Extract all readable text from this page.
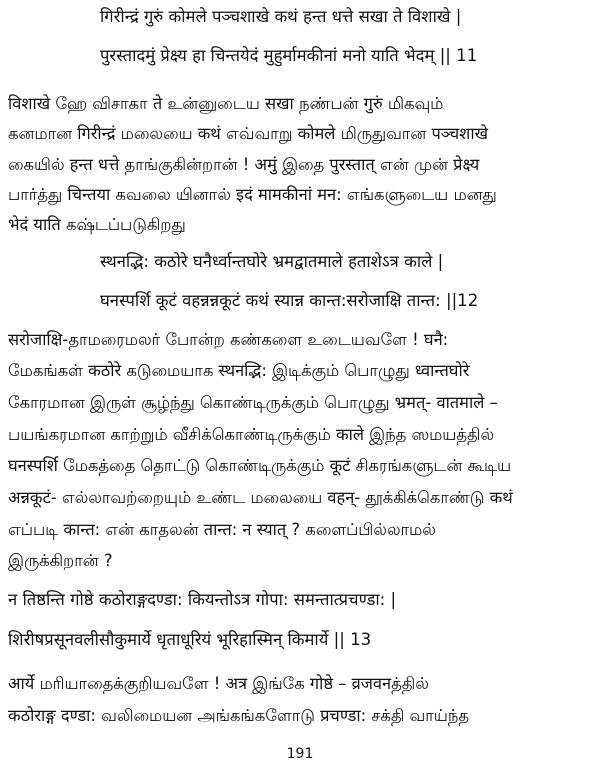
गिरीन्द्रं गुरुं कोमले पञ्चशाखे कथं हन्त धत्ते सखा ते विशाखे |
पुरस्तादमुं प्रेक्ष्य हा चिन्तयेदं मुहुर्मामकीनां मनो याति भेदम् || 11
विशाखे ஹே விசாகா ते உன்னுடைய सखा நண்பன் गुरुं மிகவும்
கனமான गिरीन्द्रं மலையை कथं எவ்வாறு कोमले மிருதுவான पञ्चशाखे
கையில் हन्त धत्ते தாங்குகின்றான் ! अमुं இதை पुरस्तात् என் முன் प्रेक्ष्य
பார்த்து चिन्तया கவலை யினால் इदं मामकीनां मन: எங்களுடைய மனது
भेदं याति கஷ்டப்படுகிறது
स्थनद्भि: कठोरे घनैर्ध्वान्तघोरे भ्रमद्वातमाले हताशेऽत्र काले |
घनस्पर्शि कूटं वहन्नन्नकूटं कथं स्यान्न कान्त:सरोजाक्षि तान्त: ||12
सरोजाक्षि-தாமரைமலர் போன்ற கண்களை உடையவளே ! घनै:
மேகங்கள் कठोरे கடுமையாக स्थनद्भि: இடிக்கும் பொழுது ध्वान्तघोरे
கோரமான இருள் சூழ்ந்து கொண்டிருக்கும் பொழுது भ्रमत्- वातमाले –
பயங்கரமான காற்றும் வீசிக்கொண்டிருக்கும் काले இந்த ஸமயத்தில்
घनस्पर्शि மேகத்தை தொட்டு கொண்டிருக்கும் कूटं சிகரங்களுடன் கூடிய
अन्नकूटं- எல்லாவற்றையும் உண்ட மலையை वहन्- தூக்கிக்கொண்டு कथं
எப்படி कान्त: என் காதலன் तान्त: न स्यात् ? களைப்பில்லாமல்
இருக்கிறான் ?
न तिष्ठन्ति गोष्ठे कठोराङ्गदण्डा: कियन्तोऽत्र गोपा: समन्तात्प्रचण्डा: |
शिरीषप्रसूनवलीसौकुमार्ये धृताधूरियं भूरिहास्मिन् किमार्ये || 13
आर्ये மரியாதைக்குறியவளே ! अत्र இங்கே गोष्ठे – व्रजवनத்தில்
कठोराङ्ग दण्डा: வலிமையன அங்கங்களோடு प्रचण्डा: சக்தி வாய்ந்த
191
